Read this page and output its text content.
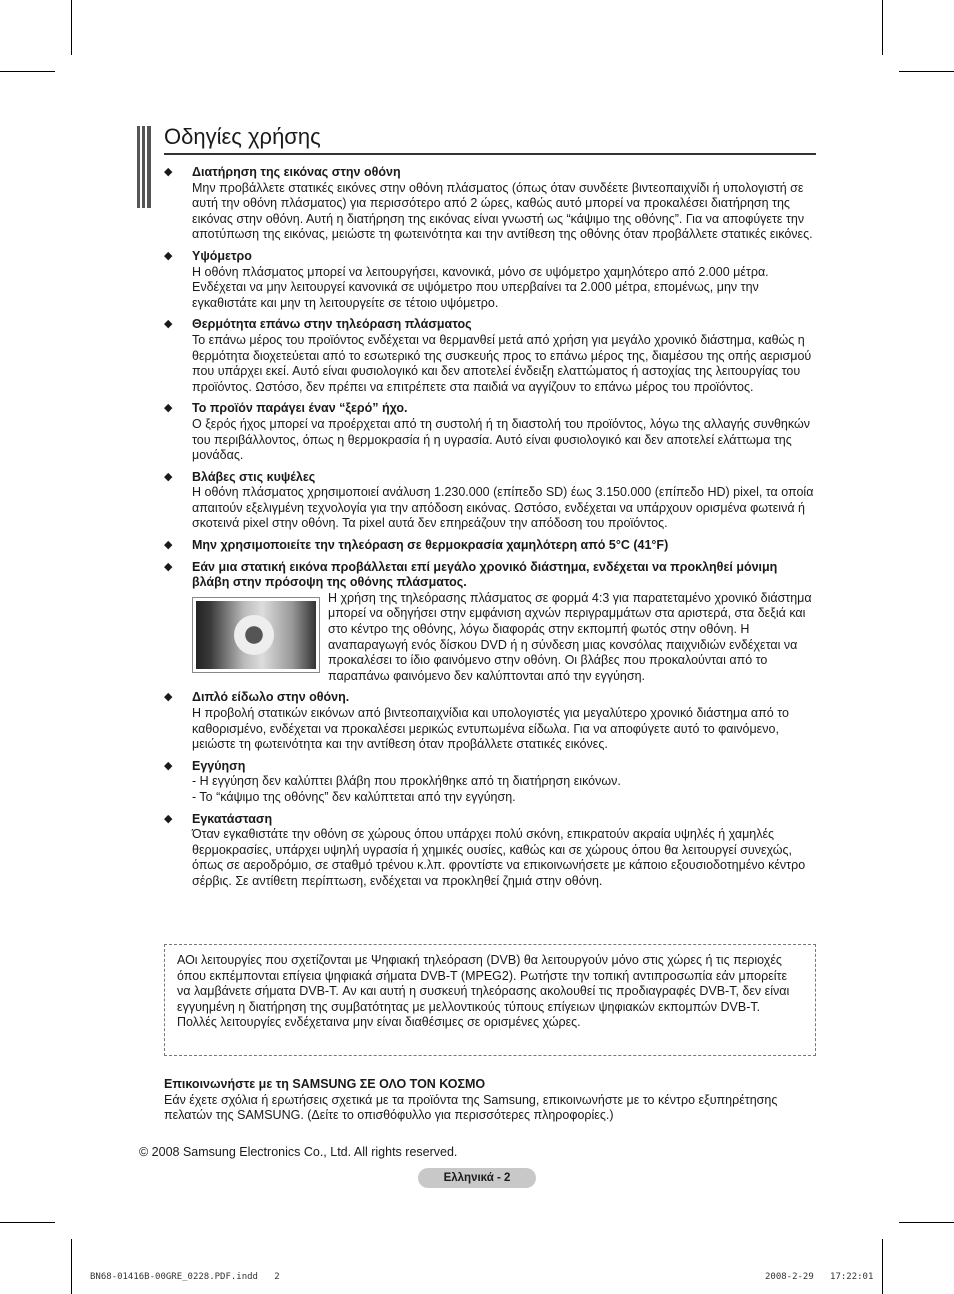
Οδηγίες χρήσης
◆ Διατήρηση της εικόνας στην οθόνη
Μην προβάλλετε στατικές εικόνες στην οθόνη πλάσματος (όπως όταν συνδέετε βιντεοπαιχνίδι ή υπολογιστή σε αυτή την οθόνη πλάσματος) για περισσότερο από 2 ώρες, καθώς αυτό μπορεί να προκαλέσει διατήρηση της εικόνας στην οθόνη. Αυτή η διατήρηση της εικόνας είναι γνωστή ως “κάψιμο της οθόνης”. Για να αποφύγετε την αποτύπωση της εικόνας, μειώστε τη φωτεινότητα και την αντίθεση της οθόνης όταν προβάλλετε στατικές εικόνες.
◆ Υψόμετρο
Η οθόνη πλάσματος μπορεί να λειτουργήσει, κανονικά, μόνο σε υψόμετρο χαμηλότερο από 2.000 μέτρα. Ενδέχεται να μην λειτουργεί κανονικά σε υψόμετρο που υπερβαίνει τα 2.000 μέτρα, επομένως, μην την εγκαθιστάτε και μην τη λειτουργείτε σε τέτοιο υψόμετρο.
◆ Θερμότητα επάνω στην τηλεόραση πλάσματος
Το επάνω μέρος του προϊόντος ενδέχεται να θερμανθεί μετά από χρήση για μεγάλο χρονικό διάστημα, καθώς η θερμότητα διοχετεύεται από το εσωτερικό της συσκευής προς το επάνω μέρος της, διαμέσου της οπής αερισμού που υπάρχει εκεί. Αυτό είναι φυσιολογικό και δεν αποτελεί ένδειξη ελαττώματος ή αστοχίας της λειτουργίας του προϊόντος. Ωστόσο, δεν πρέπει να επιτρέπετε στα παιδιά να αγγίζουν το επάνω μέρος του προϊόντος.
◆ Το προϊόν παράγει έναν “ξερό” ήχο.
Ο ξερός ήχος μπορεί να προέρχεται από τη συστολή ή τη διαστολή του προϊόντος, λόγω της αλλαγής συνθηκών του περιβάλλοντος, όπως η θερμοκρασία ή η υγρασία. Αυτό είναι φυσιολογικό και δεν αποτελεί ελάττωμα της μονάδας.
◆ Βλάβες στις κυψέλες
Η οθόνη πλάσματος χρησιμοποιεί ανάλυση 1.230.000 (επίπεδο SD) έως 3.150.000 (επίπεδο HD) pixel, τα οποία απαιτούν εξελιγμένη τεχνολογία για την απόδοση εικόνας. Ωστόσο, ενδέχεται να υπάρχουν ορισμένα φωτεινά ή σκοτεινά pixel στην οθόνη. Τα pixel αυτά δεν επηρεάζουν την απόδοση του προϊόντος.
◆ Μην χρησιμοποιείτε την τηλεόραση σε θερμοκρασία χαμηλότερη από 5°C (41°F)
◆ Εάν μια στατική εικόνα προβάλλεται επί μεγάλο χρονικό διάστημα, ενδέχεται να προκληθεί μόνιμη βλάβη στην πρόσοψη της οθόνης πλάσματος.
Η χρήση της τηλεόρασης πλάσματος σε φορμά 4:3 για παρατεταμένο χρονικό διάστημα μπορεί να οδηγήσει στην εμφάνιση αχνών περιγραμμάτων στα αριστερά, στα δεξιά και στο κέντρο της οθόνης, λόγω διαφοράς στην εκπομπή φωτός στην οθόνη. Η αναπαραγωγή ενός δίσκου DVD ή η σύνδεση μιας κονσόλας παιχνιδιών ενδέχεται να προκαλέσει το ίδιο φαινόμενο στην οθόνη. Οι βλάβες που προκαλούνται από το παραπάνω φαινόμενο δεν καλύπτονται από την εγγύηση.
◆ Διπλό είδωλο στην οθόνη.
Η προβολή στατικών εικόνων από βιντεοπαιχνίδια και υπολογιστές για μεγαλύτερο χρονικό διάστημα από το καθορισμένο, ενδέχεται να προκαλέσει μερικώς εντυπωμένα είδωλα. Για να αποφύγετε αυτό το φαινόμενο, μειώστε τη φωτεινότητα και την αντίθεση όταν προβάλλετε στατικές εικόνες.
◆ Εγγύηση
- Η εγγύηση δεν καλύπτει βλάβη που προκλήθηκε από τη διατήρηση εικόνων.
- Το “κάψιμο της οθόνης” δεν καλύπτεται από την εγγύηση.
◆ Εγκατάσταση
Όταν εγκαθιστάτε την οθόνη σε χώρους όπου υπάρχει πολύ σκόνη, επικρατούν ακραία υψηλές ή χαμηλές θερμοκρασίες, υπάρχει υψηλή υγρασία ή χημικές ουσίες, καθώς και σε χώρους όπου θα λειτουργεί συνεχώς, όπως σε αεροδρόμιο, σε σταθμό τρένου κ.λπ. φροντίστε να επικοινωνήσετε με κάποιο εξουσιοδοτημένο κέντρο σέρβις. Σε αντίθετη περίπτωση, ενδέχεται να προκληθεί ζημιά στην οθόνη.
ΑΟι λειτουργίες που σχετίζονται με Ψηφιακή τηλεόραση (DVB) θα λειτουργούν μόνο στις χώρες ή τις περιοχές όπου εκπέμπονται επίγεια ψηφιακά σήματα DVB-T (MPEG2). Ρωτήστε την τοπική αντιπροσωπία εάν μπορείτε να λαμβάνετε σήματα DVB-T. Αν και αυτή η συσκευή τηλεόρασης ακολουθεί τις προδιαγραφές DVB-T, δεν είναι εγγυημένη η διατήρηση της συμβατότητας με μελλοντικούς τύπους επίγειων ψηφιακών εκπομπών DVB-T. Πολλές λειτουργίες ενδέχεταινα μην είναι διαθέσιμες σε ορισμένες χώρες.
Επικοινωνήστε με τη SAMSUNG ΣΕ ΟΛΟ ΤΟΝ ΚΟΣΜΟ
Εάν έχετε σχόλια ή ερωτήσεις σχετικά με τα προϊόντα της Samsung, επικοινωνήστε με το κέντρο εξυπηρέτησης πελατών της SAMSUNG. (Δείτε το οπισθόφυλλο για περισσότερες πληροφορίες.)
© 2008 Samsung Electronics Co., Ltd. All rights reserved.
Ελληνικά - 2
BN68-01416B-00GRE_0228.PDF.indd   2	2008-2-29   17:22:01
